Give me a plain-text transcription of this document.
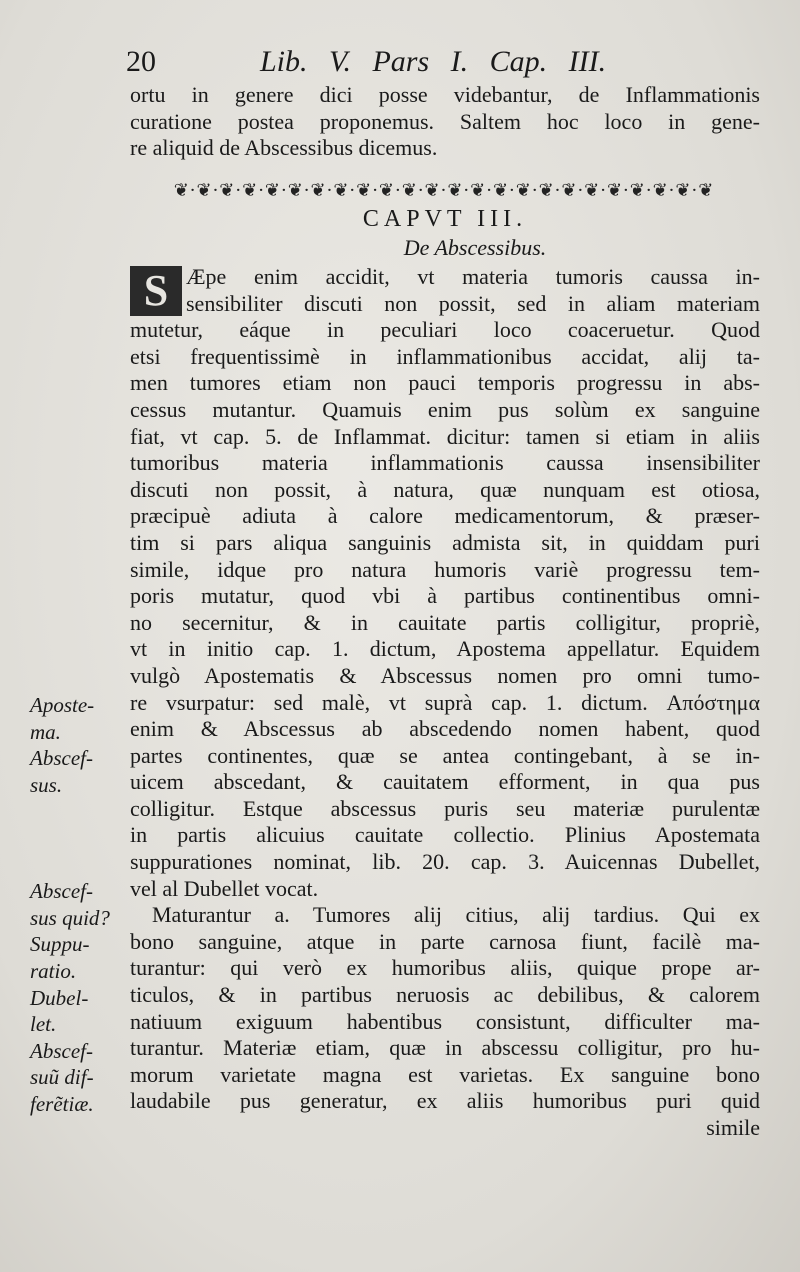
20	Lib. V. Pars I. Cap. III.
ortu in genere dici posse videbantur, de Inflammationis
curatione postea proponemus. Saltem hoc loco in gene-
re aliquid de Abscessibus dicemus.
❦·❦·❦·❦·❦·❦·❦·❦·❦·❦·❦·❦·❦·❦·❦·❦·❦·❦·❦·❦·❦·❦·❦·❦
CAPVT III.
De Abscessibus.
S Æpe enim accidit, vt materia tumoris caussa in-
sensibiliter discuti non possit, sed in aliam materiam
mutetur, eáque in peculiari loco coaceruetur. Quod
etsi frequentissimè in inflammationibus accidat, alij ta-
men tumores etiam non pauci temporis progressu in abs-
cessus mutantur. Quamuis enim pus solùm ex sanguine
fiat, vt cap. 5. de Inflammat. dicitur: tamen si etiam in aliis
tumoribus materia inflammationis caussa insensibiliter
discuti non possit, à natura, quæ nunquam est otiosa,
præcipuè adiuta à calore medicamentorum, & præser-
tim si pars aliqua sanguinis admista sit, in quiddam puri
simile, idque pro natura humoris variè progressu tem-
poris mutatur, quod vbi à partibus continentibus omni-
no secernitur, & in cauitate partis colligitur, propriè,
vt in initio cap. 1. dictum, Apostema appellatur. Equidem
vulgò Apostematis & Abscessus nomen pro omni tumo-
re vsurpatur: sed malè, vt suprà cap. 1. dictum. Απόστημα
enim & Abscessus ab abscedendo nomen habent, quod
partes continentes, quæ se antea contingebant, à se in-
uicem abscedant, & cauitatem efforment, in qua pus
colligitur. Estque abscessus puris seu materiæ purulentæ
in partis alicuius cauitate collectio. Plinius Apostemata
suppurationes nominat, lib. 20. cap. 3. Auicennas Dubellet,
vel al Dubellet vocat.
Maturantur a. Tumores alij citius, alij tardius. Qui ex
bono sanguine, atque in parte carnosa fiunt, facilè ma-
turantur: qui verò ex humoribus aliis, quique prope ar-
ticulos, & in partibus neruosis ac debilibus, & calorem
natiuum exiguum habentibus consistunt, difficulter ma-
turantur. Materiæ etiam, quæ in abscessu colligitur, pro hu-
morum varietate magna est varietas. Ex sanguine bono
laudabile pus generatur, ex aliis humoribus puri quid
simile
Aposte-
ma.
Abscef-
sus.
Abscef-
sus quid?
Suppu-
ratio.
Dubel-
let.
Abscef-
suũ dif-
ferẽtiæ.
